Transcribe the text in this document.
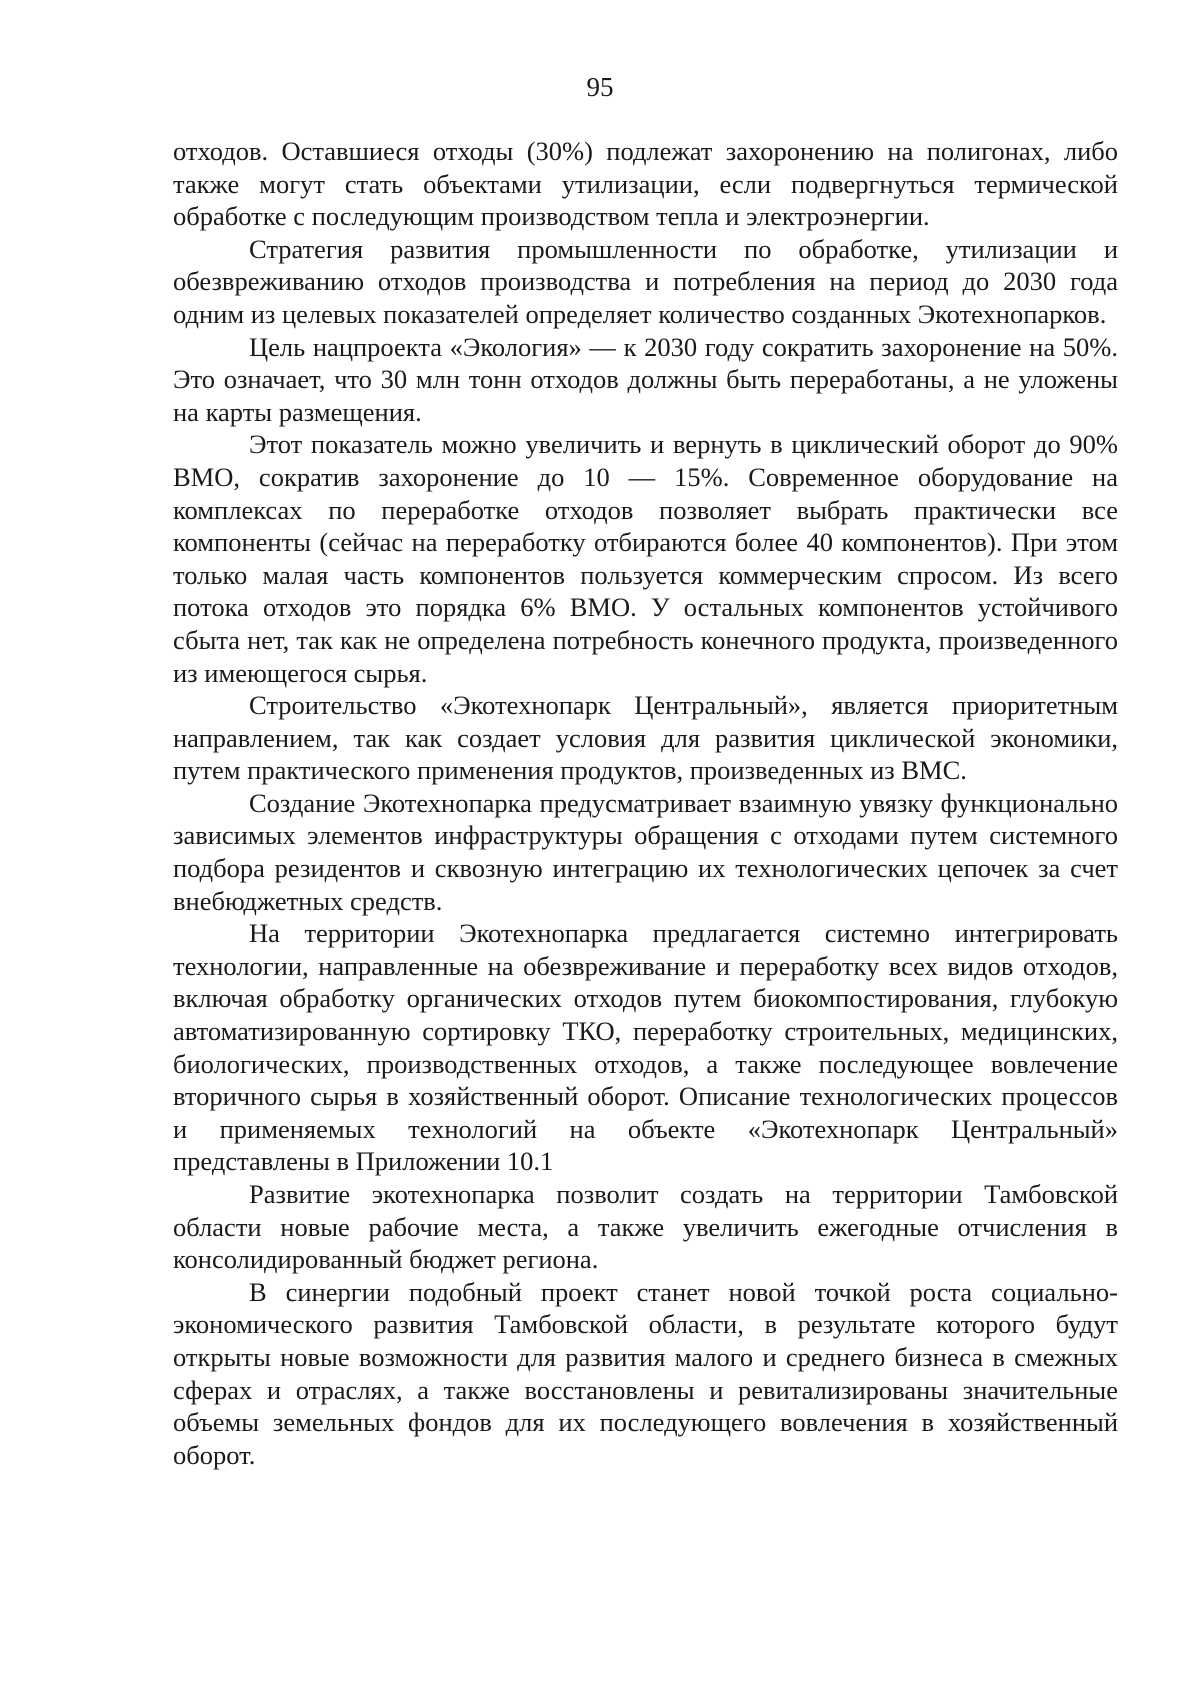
95

отходов. Оставшиеся отходы (30%) подлежат захоронению на полигонах, либо также могут стать объектами утилизации, если подвергнуться термической обработке с последующим производством тепла и электроэнергии.

Стратегия развития промышленности по обработке, утилизации и обезвреживанию отходов производства и потребления на период до 2030 года одним из целевых показателей определяет количество созданных Экотехнопарков.

Цель нацпроекта «Экология» — к 2030 году сократить захоронение на 50%. Это означает, что 30 млн тонн отходов должны быть переработаны, а не уложены на карты размещения.

Этот показатель можно увеличить и вернуть в циклический оборот до 90% ВМО, сократив захоронение до 10 — 15%. Современное оборудование на комплексах по переработке отходов позволяет выбрать практически все компоненты (сейчас на переработку отбираются более 40 компонентов). При этом только малая часть компонентов пользуется коммерческим спросом. Из всего потока отходов это порядка 6% ВМО. У остальных компонентов устойчивого сбыта нет, так как не определена потребность конечного продукта, произведенного из имеющегося сырья.

Строительство «Экотехнопарк Центральный», является приоритетным направлением, так как создает условия для развития циклической экономики, путем практического применения продуктов, произведенных из ВМС.

Создание Экотехнопарка предусматривает взаимную увязку функционально зависимых элементов инфраструктуры обращения с отходами путем системного подбора резидентов и сквозную интеграцию их технологических цепочек за счет внебюджетных средств.

На территории Экотехнопарка предлагается системно интегрировать технологии, направленные на обезвреживание и переработку всех видов отходов, включая обработку органических отходов путем биокомпостирования, глубокую автоматизированную сортировку ТКО, переработку строительных, медицинских, биологических, производственных отходов, а также последующее вовлечение вторичного сырья в хозяйственный оборот. Описание технологических процессов и применяемых технологий на объекте «Экотехнопарк Центральный» представлены в Приложении 10.1

Развитие экотехнопарка позволит создать на территории Тамбовской области новые рабочие места, а также увеличить ежегодные отчисления в консолидированный бюджет региона.

В синергии подобный проект станет новой точкой роста социально-экономического развития Тамбовской области, в результате которого будут открыты новые возможности для развития малого и среднего бизнеса в смежных сферах и отраслях, а также восстановлены и ревитализированы значительные объемы земельных фондов для их последующего вовлечения в хозяйственный оборот.
